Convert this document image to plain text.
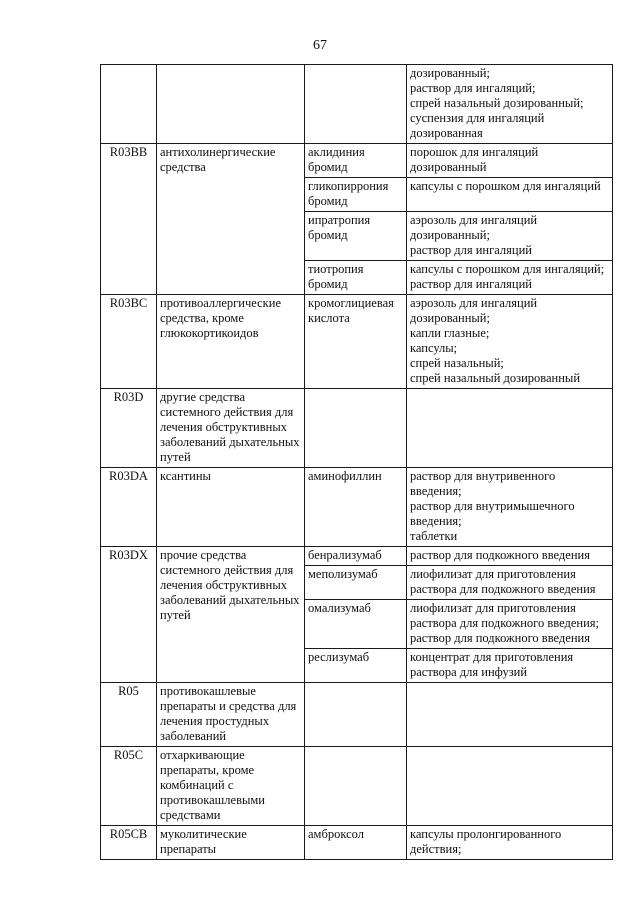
67

			дозированный;
раствор для ингаляций;
спрей назальный дозированный;
суспензия для ингаляций дозированная

R03BB	антихолинергические средства	аклидиния бромид	порошок для ингаляций дозированный

		гликопиррония бромид	капсулы с порошком для ингаляций

		ипратропия бромид	аэрозоль для ингаляций дозированный;
раствор для ингаляций

		тиотропия бромид	капсулы с порошком для ингаляций;
раствор для ингаляций

R03BC	противоаллергические средства, кроме глюкокортикоидов	кромоглициевая кислота	аэрозоль для ингаляций дозированный;
капли глазные;
капсулы;
спрей назальный;
спрей назальный дозированный

R03D	другие средства системного действия для лечения обструктивных заболеваний дыхательных путей		
R03DA	ксантины	аминофиллин	раствор для внутривенного введения;
раствор для внутримышечного введения;
таблетки

R03DX	прочие средства системного действия для лечения обструктивных заболеваний дыхательных путей	бенрализумаб	раствор для подкожного введения

		меполизумаб	лиофилизат для приготовления раствора для подкожного введения

		омализумаб	лиофилизат для приготовления раствора для подкожного введения;
раствор для подкожного введения

		реслизумаб	концентрат для приготовления раствора для инфузий

R05	противокашлевые препараты и средства для лечения простудных заболеваний		
R05C	отхаркивающие препараты, кроме комбинаций с противокашлевыми средствами		
R05CB	муколитические препараты	амброксол	капсулы пролонгированного действия;
